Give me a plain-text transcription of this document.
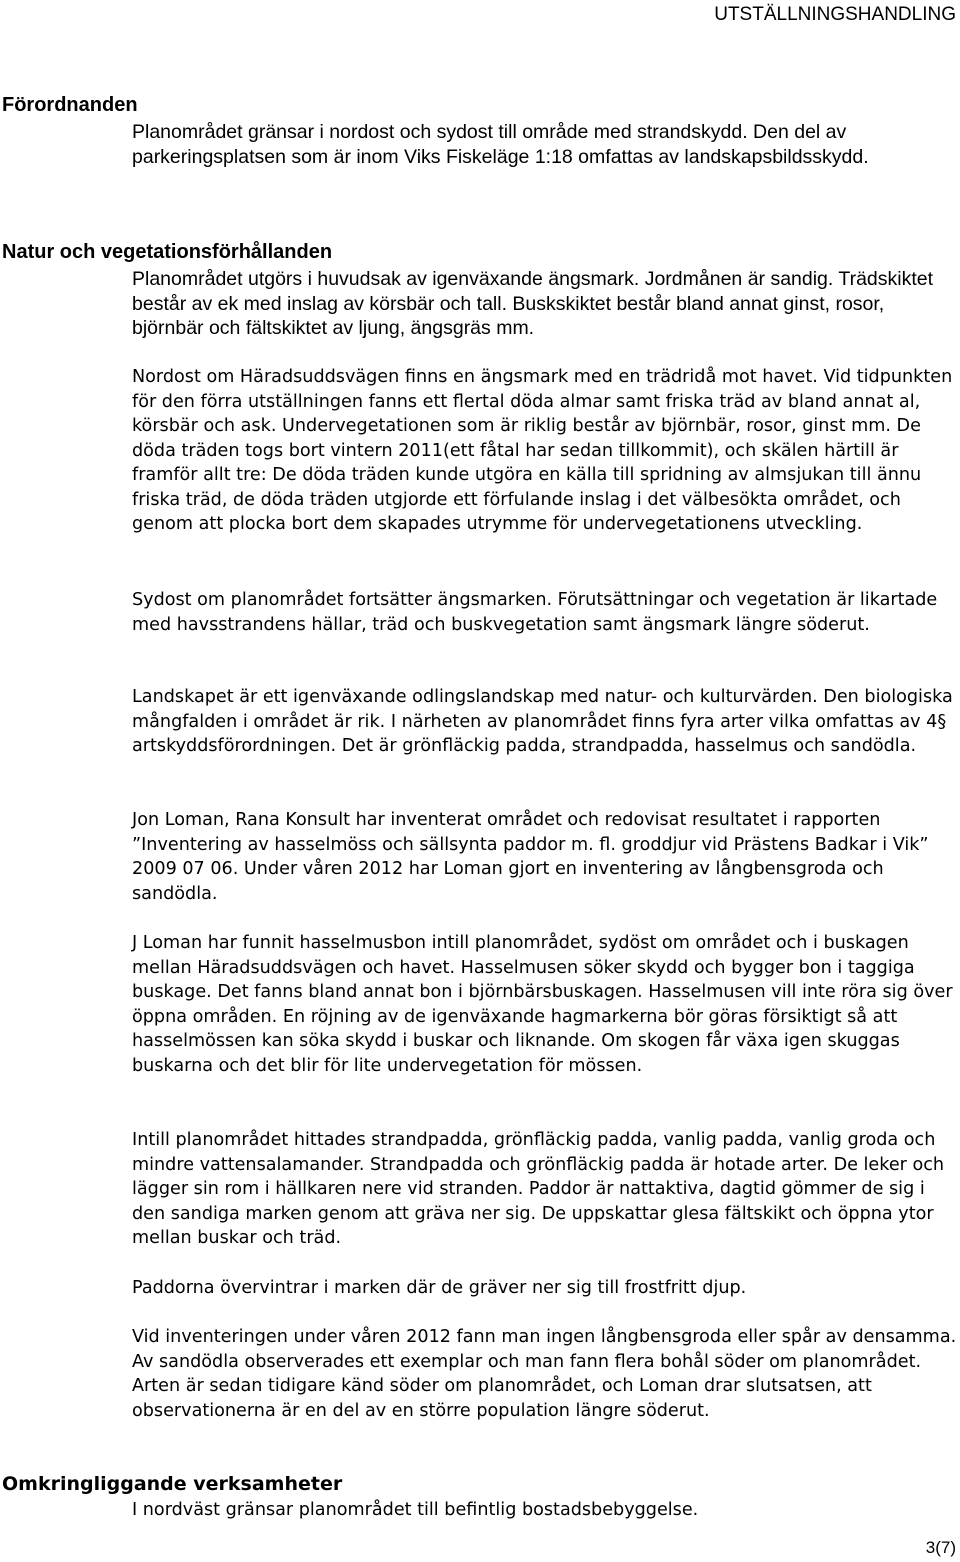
UTSTÄLLNINGSHANDLING
Förordnanden

Planområdet gränsar i nordost och sydost till område med strandskydd. Den del av parkeringsplatsen som är inom Viks Fiskeläge 1:18 omfattas av landskapsbildsskydd.

Natur och vegetationsförhållanden

Planområdet utgörs i huvudsak av igenväxande ängsmark. Jordmånen är sandig. Trädskiktet består av ek med inslag av körsbär och tall. Buskskiktet består bland annat ginst, rosor, björnbär och fältskiktet av ljung, ängsgräs mm.

Nordost om Häradsuddsvägen finns en ängsmark med en trädridå mot havet. Vid tidpunkten för den förra utställningen fanns ett flertal döda almar samt friska träd av bland annat al, körsbär och ask. Undervegetationen som är riklig består av björnbär, rosor, ginst mm. De döda träden togs bort vintern 2011(ett fåtal har sedan tillkommit), och skälen härtill är framför allt tre: De döda träden kunde utgöra en källa till spridning av almsjukan till ännu friska träd, de döda träden utgjorde ett förfulande inslag i det välbesökta området, och genom att plocka bort dem skapades utrymme för undervegetationens utveckling.

Sydost om planområdet fortsätter ängsmarken. Förutsättningar och vegetation är likartade med havsstrandens hällar, träd och buskvegetation samt ängsmark längre söderut.

Landskapet är ett igenväxande odlingslandskap med natur- och kulturvärden. Den biologiska mångfalden i området är rik. I närheten av planområdet finns fyra arter vilka omfattas av 4§ artskyddsförordningen. Det är grönfläckig padda, strandpadda, hasselmus och sandödla.

Jon Loman, Rana Konsult har inventerat området och redovisat resultatet i rapporten ”Inventering av hasselmöss och sällsynta paddor m. fl. groddjur vid Prästens Badkar i Vik” 2009 07 06. Under våren 2012 har Loman gjort en inventering av långbensgroda och sandödla.

J Loman har funnit hasselmusbon intill planområdet, sydöst om området och i buskagen mellan Häradsuddsvägen och havet. Hasselmusen söker skydd och bygger bon i taggiga buskage. Det fanns bland annat bon i björnbärsbuskagen. Hasselmusen vill inte röra sig över öppna områden. En röjning av de igenväxande hagmarkerna bör göras försiktigt så att hasselmössen kan söka skydd i buskar och liknande. Om skogen får växa igen skuggas buskarna och det blir för lite undervegetation för mössen.

Intill planområdet hittades strandpadda, grönfläckig padda, vanlig padda, vanlig groda och mindre vattensalamander. Strandpadda och grönfläckig padda är hotade arter. De leker och lägger sin rom i hällkaren nere vid stranden. Paddor är nattaktiva, dagtid gömmer de sig i den sandiga marken genom att gräva ner sig. De uppskattar glesa fältskikt och öppna ytor mellan buskar och träd.

Paddorna övervintrar i marken där de gräver ner sig till frostfritt djup.

Vid inventeringen under våren 2012 fann man ingen långbensgroda eller spår av densamma. Av sandödla observerades ett exemplar och man fann flera bohål söder om planområdet. Arten är sedan tidigare känd söder om planområdet, och Loman drar slutsatsen, att observationerna är en del av en större population längre söderut.

Omkringliggande verksamheter

I nordväst gränsar planområdet till befintlig bostadsbebyggelse.

3(7)
